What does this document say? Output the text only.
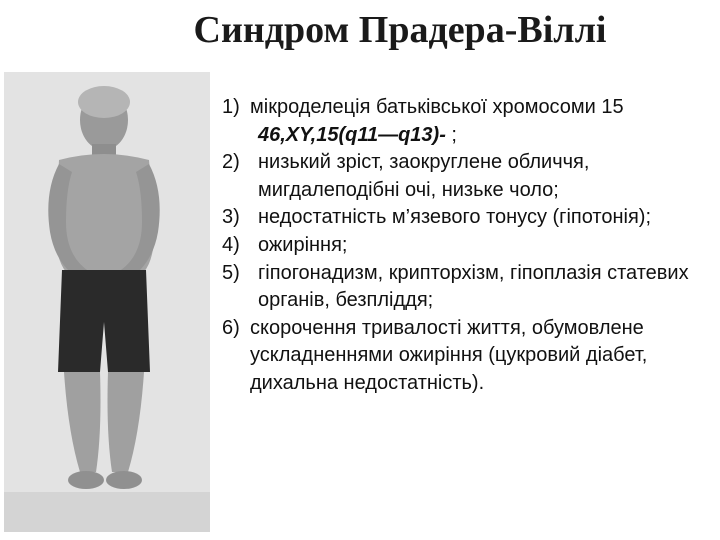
Синдром Прадера-Віллі
1) мікроделеція батьківської хромосоми 15
46,XY,15(q11—q13)- ;
2) низький зріст, заокруглене обличчя, мигдалеподібні очі, низьке чоло;
3) недостатність м’язевого тонусу (гіпотонія);
4) ожиріння;
5) гіпогонадизм, крипторхізм, гіпоплазія статевих органів, безпліддя;
6) скорочення тривалості життя, обумовлене ускладненнями ожиріння (цукровий діабет, дихальна недостатність).
